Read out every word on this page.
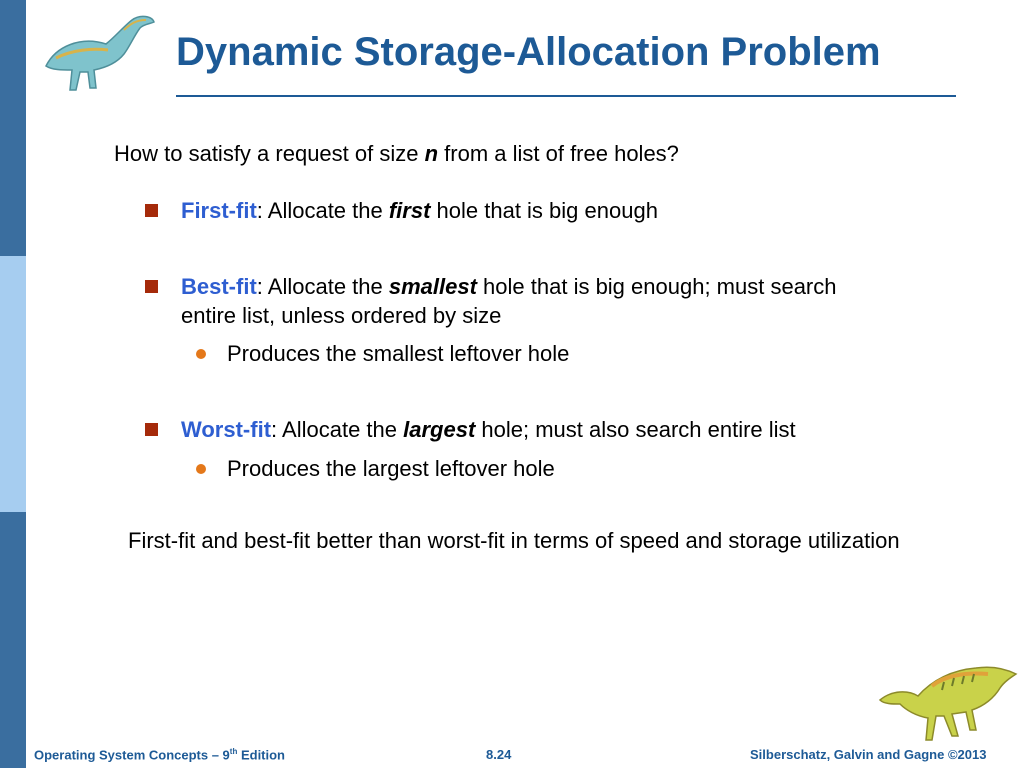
Dynamic Storage-Allocation Problem
How to satisfy a request of size n from a list of free holes?
First-fit: Allocate the first hole that is big enough
Best-fit: Allocate the smallest hole that is big enough; must search entire list, unless ordered by size
Produces the smallest leftover hole
Worst-fit: Allocate the largest hole; must also search entire list
Produces the largest leftover hole
First-fit and best-fit better than worst-fit in terms of speed and storage utilization
Operating System Concepts – 9th Edition	8.24	Silberschatz, Galvin and Gagne ©2013
